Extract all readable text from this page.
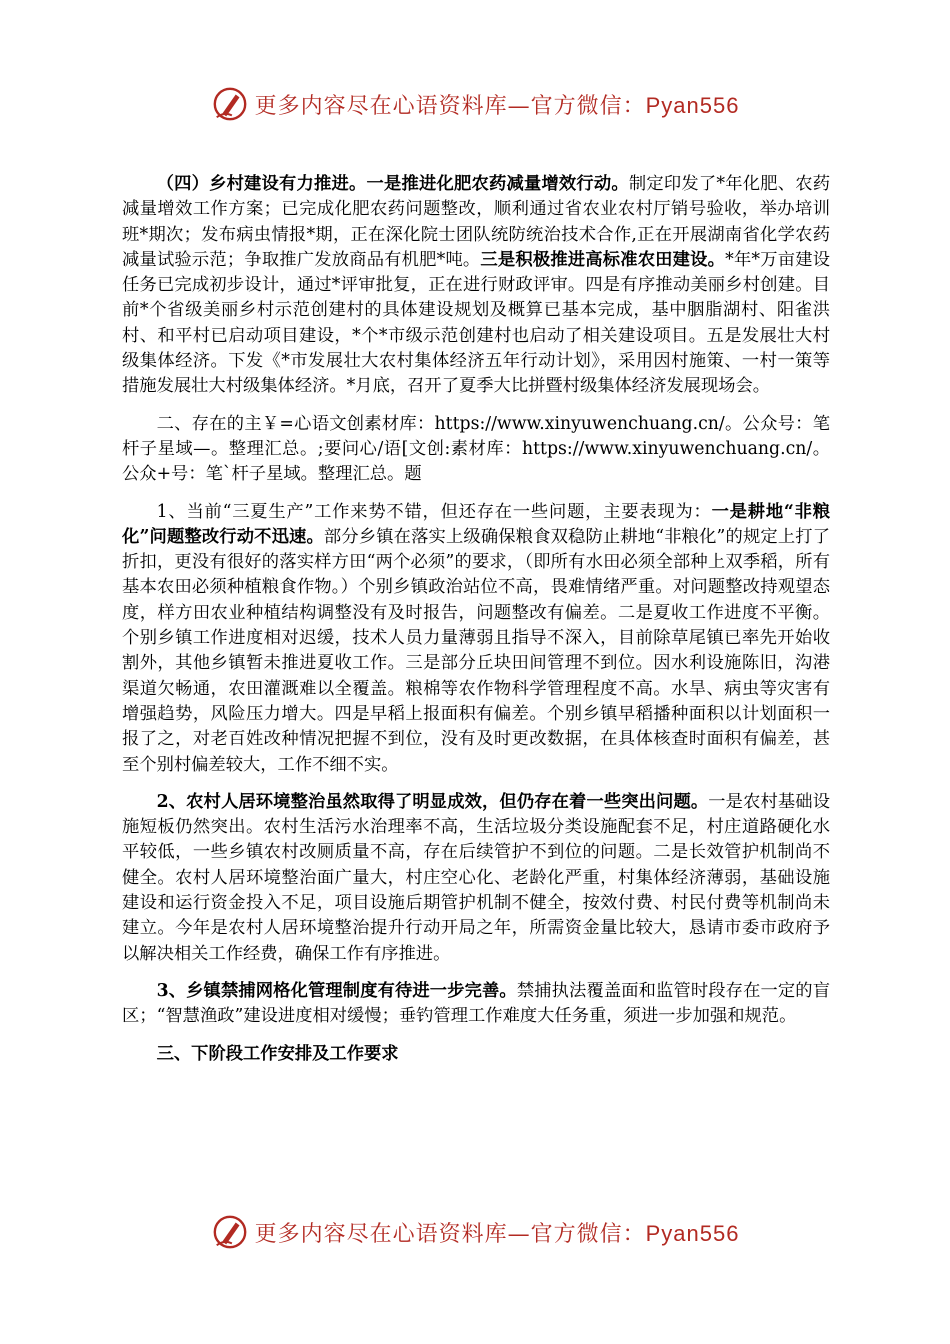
更多内容尽在心语资料库—官方微信：Pyan556

（四）乡村建设有力推进。一是推进化肥农药减量增效行动。制定印发了*年化肥、农药减量增效工作方案；已完成化肥农药问题整改，顺利通过省农业农村厅销号验收，举办培训班*期次；发布病虫情报*期，正在深化院士团队统防统治技术合作,正在开展湖南省化学农药减量试验示范；争取推广发放商品有机肥*吨。三是积极推进高标准农田建设。*年*万亩建设任务已完成初步设计，通过*评审批复，正在进行财政评审。四是有序推动美丽乡村创建。目前*个省级美丽乡村示范创建村的具体建设规划及概算已基本完成，基中胭脂湖村、阳雀洪村、和平村已启动项目建设，*个*市级示范创建村也启动了相关建设项目。五是发展壮大村级集体经济。下发《*市发展壮大农村集体经济五年行动计划》，采用因村施策、一村一策等措施发展壮大村级集体经济。*月底，召开了夏季大比拼暨村级集体经济发展现场会。

二、存在的主￥=心语文创素材库：https://www.xinyuwenchuang.cn/。公众号：笔杆子星域—。整理汇总。;要问心/语[文创:素材库：https://www.xinyuwenchuang.cn/。公众+号：笔`杆子星域。整理汇总。题

1、当前“三夏生产”工作来势不错，但还存在一些问题，主要表现为：一是耕地“非粮化”问题整改行动不迅速。部分乡镇在落实上级确保粮食双稳防止耕地“非粮化”的规定上打了折扣，更没有很好的落实样方田“两个必须”的要求，（即所有水田必须全部种上双季稻，所有基本农田必须种植粮食作物。）个别乡镇政治站位不高，畏难情绪严重。对问题整改持观望态度，样方田农业种植结构调整没有及时报告，问题整改有偏差。二是夏收工作进度不平衡。个别乡镇工作进度相对迟缓，技术人员力量薄弱且指导不深入，目前除草尾镇已率先开始收割外，其他乡镇暂未推进夏收工作。三是部分丘块田间管理不到位。因水利设施陈旧，沟港渠道欠畅通，农田灌溉难以全覆盖。粮棉等农作物科学管理程度不高。水旱、病虫等灾害有增强趋势，风险压力增大。四是早稻上报面积有偏差。个别乡镇早稻播种面积以计划面积一报了之，对老百姓改种情况把握不到位，没有及时更改数据，在具体核查时面积有偏差，甚至个别村偏差较大，工作不细不实。

2、农村人居环境整治虽然取得了明显成效，但仍存在着一些突出问题。一是农村基础设施短板仍然突出。农村生活污水治理率不高，生活垃圾分类设施配套不足，村庄道路硬化水平较低，一些乡镇农村改厕质量不高，存在后续管护不到位的问题。二是长效管护机制尚不健全。农村人居环境整治面广量大，村庄空心化、老龄化严重，村集体经济薄弱，基础设施建设和运行资金投入不足，项目设施后期管护机制不健全，按效付费、村民付费等机制尚未建立。今年是农村人居环境整治提升行动开局之年，所需资金量比较大，恳请市委市政府予以解决相关工作经费，确保工作有序推进。

3、乡镇禁捕网格化管理制度有待进一步完善。禁捕执法覆盖面和监管时段存在一定的盲区；“智慧渔政”建设进度相对缓慢；垂钓管理工作难度大任务重，须进一步加强和规范。

三、下阶段工作安排及工作要求

更多内容尽在心语资料库—官方微信：Pyan556
